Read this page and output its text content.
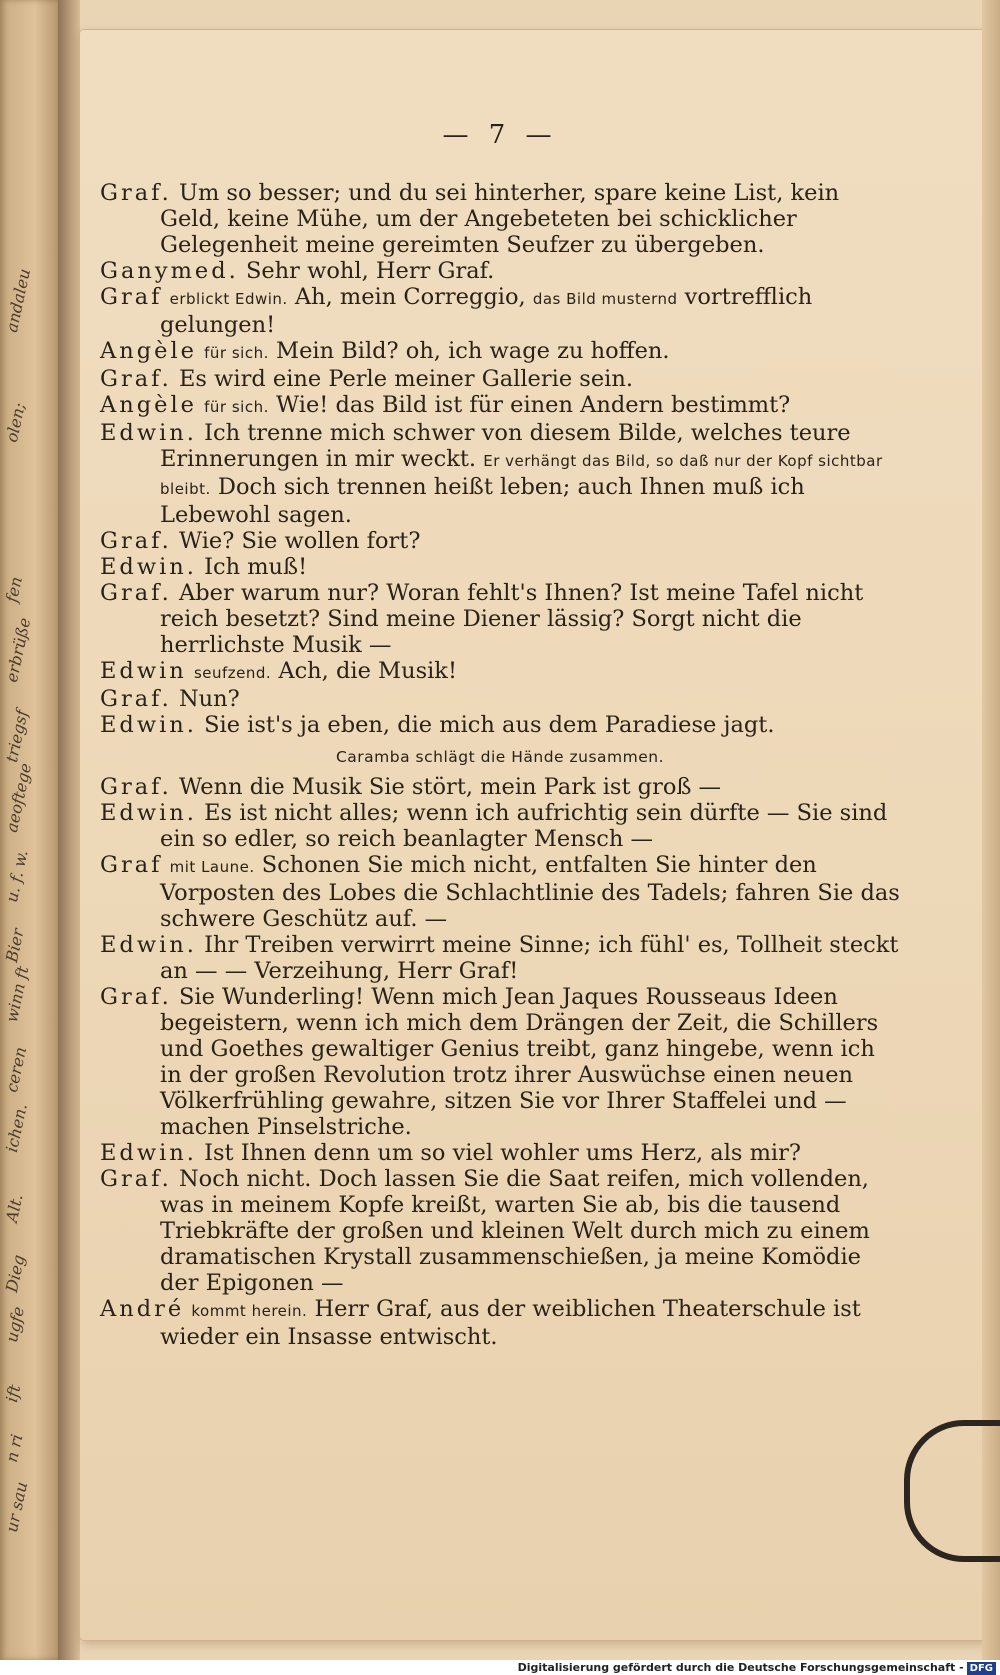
andaleu
olen;
fen
erbrüße
triegsf
aeoftege
u. f. w.
Bier
winn ft
ceren
ichen.
Alt.
Dieg
ugfe
ift
n ri
ur sau
— 7 —
Graf. Um so besser; und du sei hinterher, spare keine List, kein Geld, keine Mühe, um der Angebeteten bei schicklicher Gelegenheit meine gereimten Seufzer zu übergeben.
Ganymed. Sehr wohl, Herr Graf.
Graf erblickt Edwin. Ah, mein Correggio, das Bild musternd vortrefflich gelungen!
Angèle für sich. Mein Bild? oh, ich wage zu hoffen.
Graf. Es wird eine Perle meiner Gallerie sein.
Angèle für sich. Wie! das Bild ist für einen Andern bestimmt?
Edwin. Ich trenne mich schwer von diesem Bilde, welches teure Erinnerungen in mir weckt. Er verhängt das Bild, so daß nur der Kopf sichtbar bleibt. Doch sich trennen heißt leben; auch Ihnen muß ich Lebewohl sagen.
Graf. Wie? Sie wollen fort?
Edwin. Ich muß!
Graf. Aber warum nur? Woran fehlt's Ihnen? Ist meine Tafel nicht reich besetzt? Sind meine Diener lässig? Sorgt nicht die herrlichste Musik —
Edwin seufzend. Ach, die Musik!
Graf. Nun?
Edwin. Sie ist's ja eben, die mich aus dem Paradiese jagt.
Caramba schlägt die Hände zusammen.
Graf. Wenn die Musik Sie stört, mein Park ist groß —
Edwin. Es ist nicht alles; wenn ich aufrichtig sein dürfte — Sie sind ein so edler, so reich beanlagter Mensch —
Graf mit Laune. Schonen Sie mich nicht, entfalten Sie hinter den Vorposten des Lobes die Schlachtlinie des Tadels; fahren Sie das schwere Geschütz auf. —
Edwin. Ihr Treiben verwirrt meine Sinne; ich fühl' es, Tollheit steckt an — — Verzeihung, Herr Graf!
Graf. Sie Wunderling! Wenn mich Jean Jaques Rousseaus Ideen begeistern, wenn ich mich dem Drängen der Zeit, die Schillers und Goethes gewaltiger Genius treibt, ganz hingebe, wenn ich in der großen Revolution trotz ihrer Auswüchse einen neuen Völkerfrühling gewahre, sitzen Sie vor Ihrer Staffelei und — machen Pinselstriche.
Edwin. Ist Ihnen denn um so viel wohler ums Herz, als mir?
Graf. Noch nicht. Doch lassen Sie die Saat reifen, mich vollenden, was in meinem Kopfe kreißt, warten Sie ab, bis die tausend Triebkräfte der großen und kleinen Welt durch mich zu einem dramatischen Krystall zusammenschießen, ja meine Komödie der Epigonen —
André kommt herein. Herr Graf, aus der weiblichen Theaterschule ist wieder ein Insasse entwischt.
Digitalisierung gefördert durch die Deutsche Forschungsgemeinschaft - DFG
